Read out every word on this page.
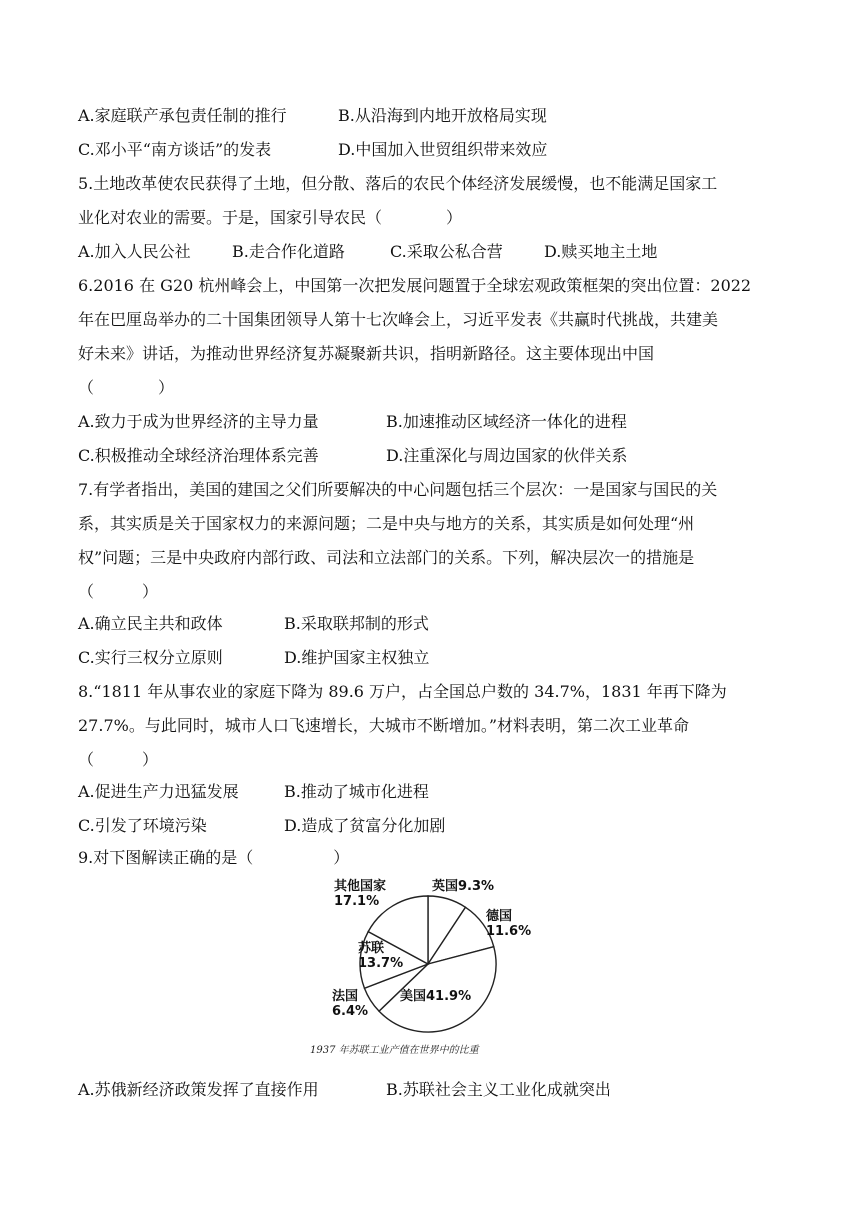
A.家庭联产承包责任制的推行	B.从沿海到内地开放格局实现
C.邓小平“南方谈话”的发表	D.中国加入世贸组织带来效应
5.土地改革使农民获得了土地，但分散、落后的农民个体经济发展缓慢，也不能满足国家工
业化对农业的需要。于是，国家引导农民（　　　　）
A.加入人民公社	B.走合作化道路	C.采取公私合营	D.赎买地主土地
6.2016 在 G20 杭州峰会上，中国第一次把发展问题置于全球宏观政策框架的突出位置：2022
年在巴厘岛举办的二十国集团领导人第十七次峰会上，习近平发表《共赢时代挑战，共建美
好未来》讲话，为推动世界经济复苏凝聚新共识，指明新路径。这主要体现出中国
（　　　　）
A.致力于成为世界经济的主导力量	B.加速推动区域经济一体化的进程
C.积极推动全球经济治理体系完善	D.注重深化与周边国家的伙伴关系
7.有学者指出，美国的建国之父们所要解决的中心问题包括三个层次：一是国家与国民的关
系，其实质是关于国家权力的来源问题；二是中央与地方的关系，其实质是如何处理“州
权”问题；三是中央政府内部行政、司法和立法部门的关系。下列，解决层次一的措施是
（　　　）
A.确立民主共和政体	B.采取联邦制的形式
C.实行三权分立原则	D.维护国家主权独立
8.“1811 年从事农业的家庭下降为 89.6 万户，占全国总户数的 34.7%，1831 年再下降为
27.7%。与此同时，城市人口飞速增长，大城市不断增加。”材料表明，第二次工业革命
（　　　）
A.促进生产力迅猛发展	B.推动了城市化进程
C.引发了环境污染	D.造成了贫富分化加剧
9.对下图解读正确的是（　　　　　）
英国9.3%
德国
11.6%
美国41.9%
法国
6.4%
苏联
13.7%
其他国家
17.1%
1937 年苏联工业产值在世界中的比重
A.苏俄新经济政策发挥了直接作用	B.苏联社会主义工业化成就突出
